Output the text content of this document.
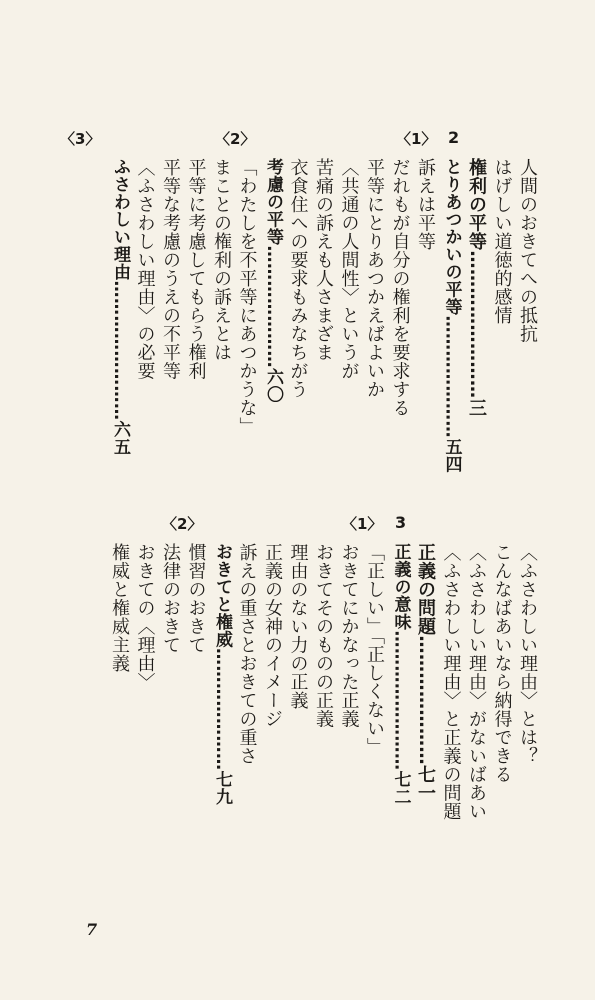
〈1〉 2
〈2〉
〈3〉
人間のおきてへの抵抗
はげしい道徳的感情
権利の平等……………………三
とりあつかいの平等…………………五四
訴えは平等
だれもが自分の権利を要求する
平等にとりあつかえばよいか
〈共通の人間性〉というが
苦痛の訴えも人さまざま
衣食住への要求もみなちがう
考慮の平等…………………六〇
「わたしを不平等にあつかうな」
まことの権利の訴えとは
平等に考慮してもらう権利
平等な考慮のうえの不平等
〈ふさわしい理由〉の必要
ふさわしい理由……………………六五
〈1〉 3
〈2〉
〈ふさわしい理由〉とは？
こんなばあいなら納得できる
〈ふさわしい理由〉がないばあい
〈ふさわしい理由〉と正義の問題
正義の問題…………………七一
正義の意味……………………七二
「正しい」「正しくない」
おきてにかなった正義
おきてそのものの正義
理由のない力の正義
正義の女神のイメージ
訴えの重さとおきての重さ
おきてと権威…………………七九
慣習のおきて
法律のおきて
おきての〈理由〉
権威と権威主義
7
